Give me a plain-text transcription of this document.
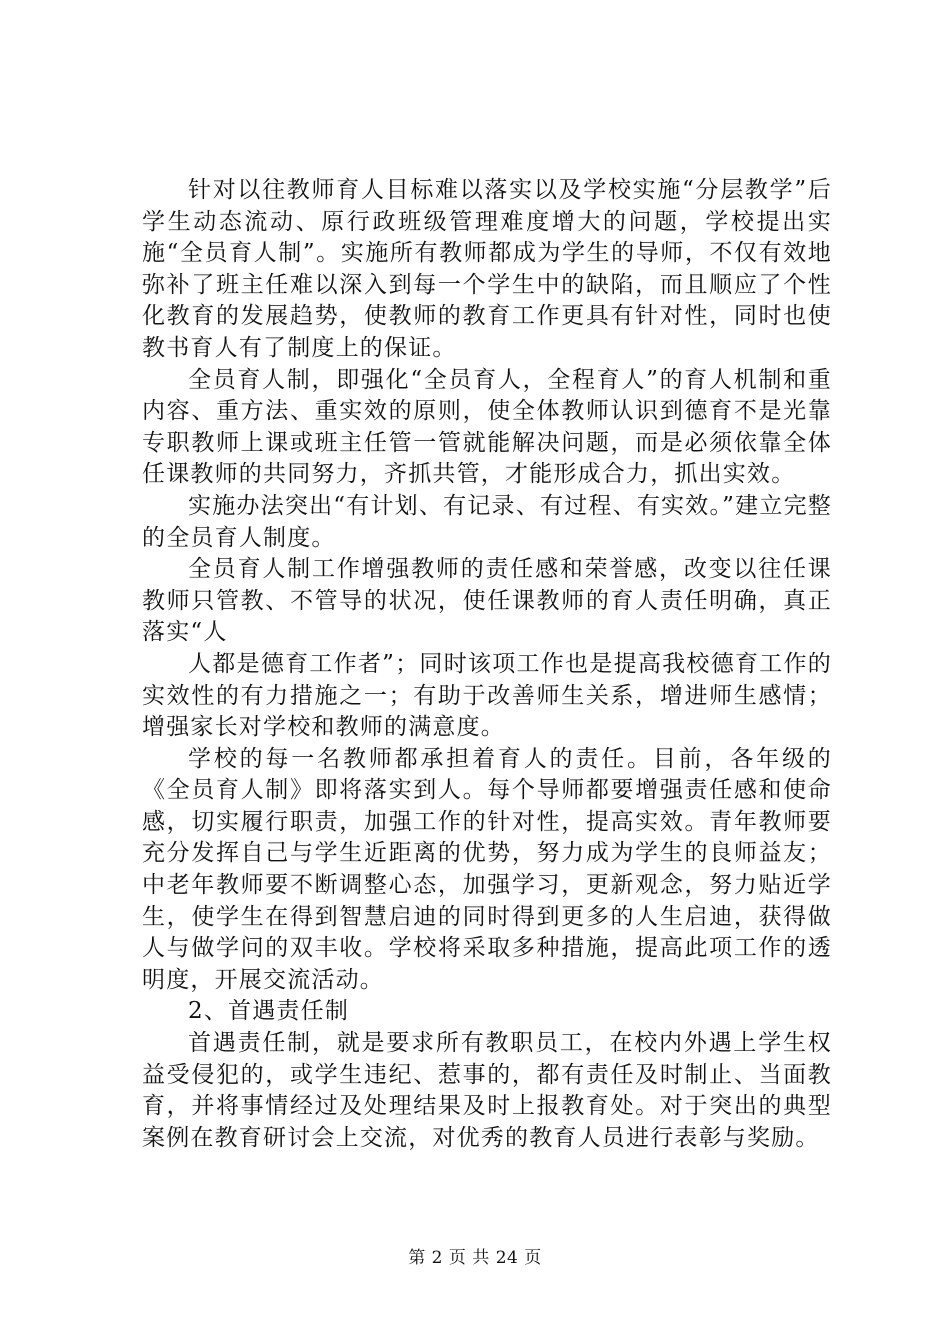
针对以往教师育人目标难以落实以及学校实施“分层教学”后学生动态流动、原行政班级管理难度增大的问题，学校提出实施“全员育人制”。实施所有教师都成为学生的导师，不仅有效地弥补了班主任难以深入到每一个学生中的缺陷，而且顺应了个性化教育的发展趋势，使教师的教育工作更具有针对性，同时也使教书育人有了制度上的保证。

全员育人制，即强化“全员育人，全程育人”的育人机制和重内容、重方法、重实效的原则，使全体教师认识到德育不是光靠专职教师上课或班主任管一管就能解决问题，而是必须依靠全体任课教师的共同努力，齐抓共管，才能形成合力，抓出实效。

实施办法突出“有计划、有记录、有过程、有实效。”建立完整的全员育人制度。

全员育人制工作增强教师的责任感和荣誉感，改变以往任课教师只管教、不管导的状况，使任课教师的育人责任明确，真正落实“人

人都是德育工作者”；同时该项工作也是提高我校德育工作的实效性的有力措施之一；有助于改善师生关系，增进师生感情；增强家长对学校和教师的满意度。

学校的每一名教师都承担着育人的责任。目前，各年级的《全员育人制》即将落实到人。每个导师都要增强责任感和使命感，切实履行职责，加强工作的针对性，提高实效。青年教师要充分发挥自己与学生近距离的优势，努力成为学生的良师益友；中老年教师要不断调整心态，加强学习，更新观念，努力贴近学生，使学生在得到智慧启迪的同时得到更多的人生启迪，获得做人与做学问的双丰收。学校将采取多种措施，提高此项工作的透明度，开展交流活动。

2、首遇责任制

首遇责任制，就是要求所有教职员工，在校内外遇上学生权益受侵犯的，或学生违纪、惹事的，都有责任及时制止、当面教育，并将事情经过及处理结果及时上报教育处。对于突出的典型案例在教育研讨会上交流，对优秀的教育人员进行表彰与奖励。

第 2 页 共 24 页
